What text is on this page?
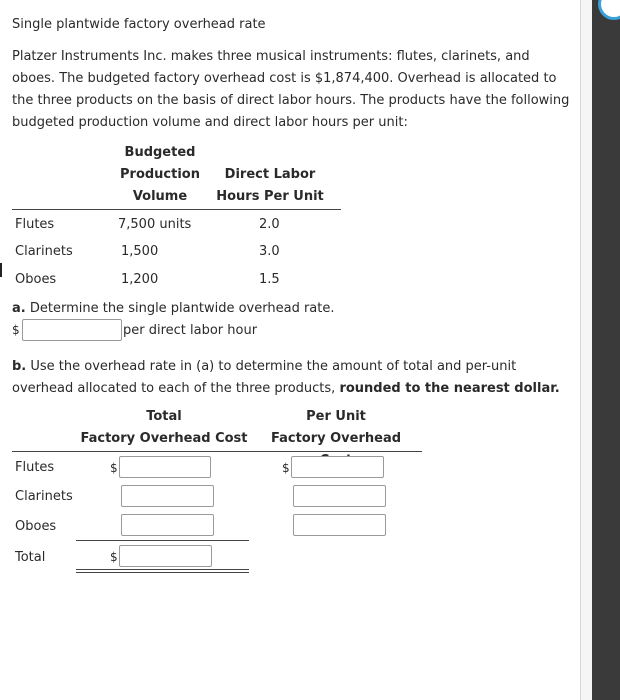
Single plantwide factory overhead rate
Platzer Instruments Inc. makes three musical instruments: flutes, clarinets, and oboes. The budgeted factory overhead cost is $1,874,400. Overhead is allocated to the three products on the basis of direct labor hours. The products have the following budgeted production volume and direct labor hours per unit:
Budgeted
Production
Volume
Direct Labor
Hours Per Unit
Flutes	7,500 units	2.0
Clarinets	1,500	3.0
Oboes	1,200	1.5
a. Determine the single plantwide overhead rate.
$	per direct labor hour
b. Use the overhead rate in (a) to determine the amount of total and per-unit overhead allocated to each of the three products, rounded to the nearest dollar.
Total
Factory Overhead Cost
Per Unit
Factory Overhead
Flutes	$	$
Clarinets
Oboes
Total	$
